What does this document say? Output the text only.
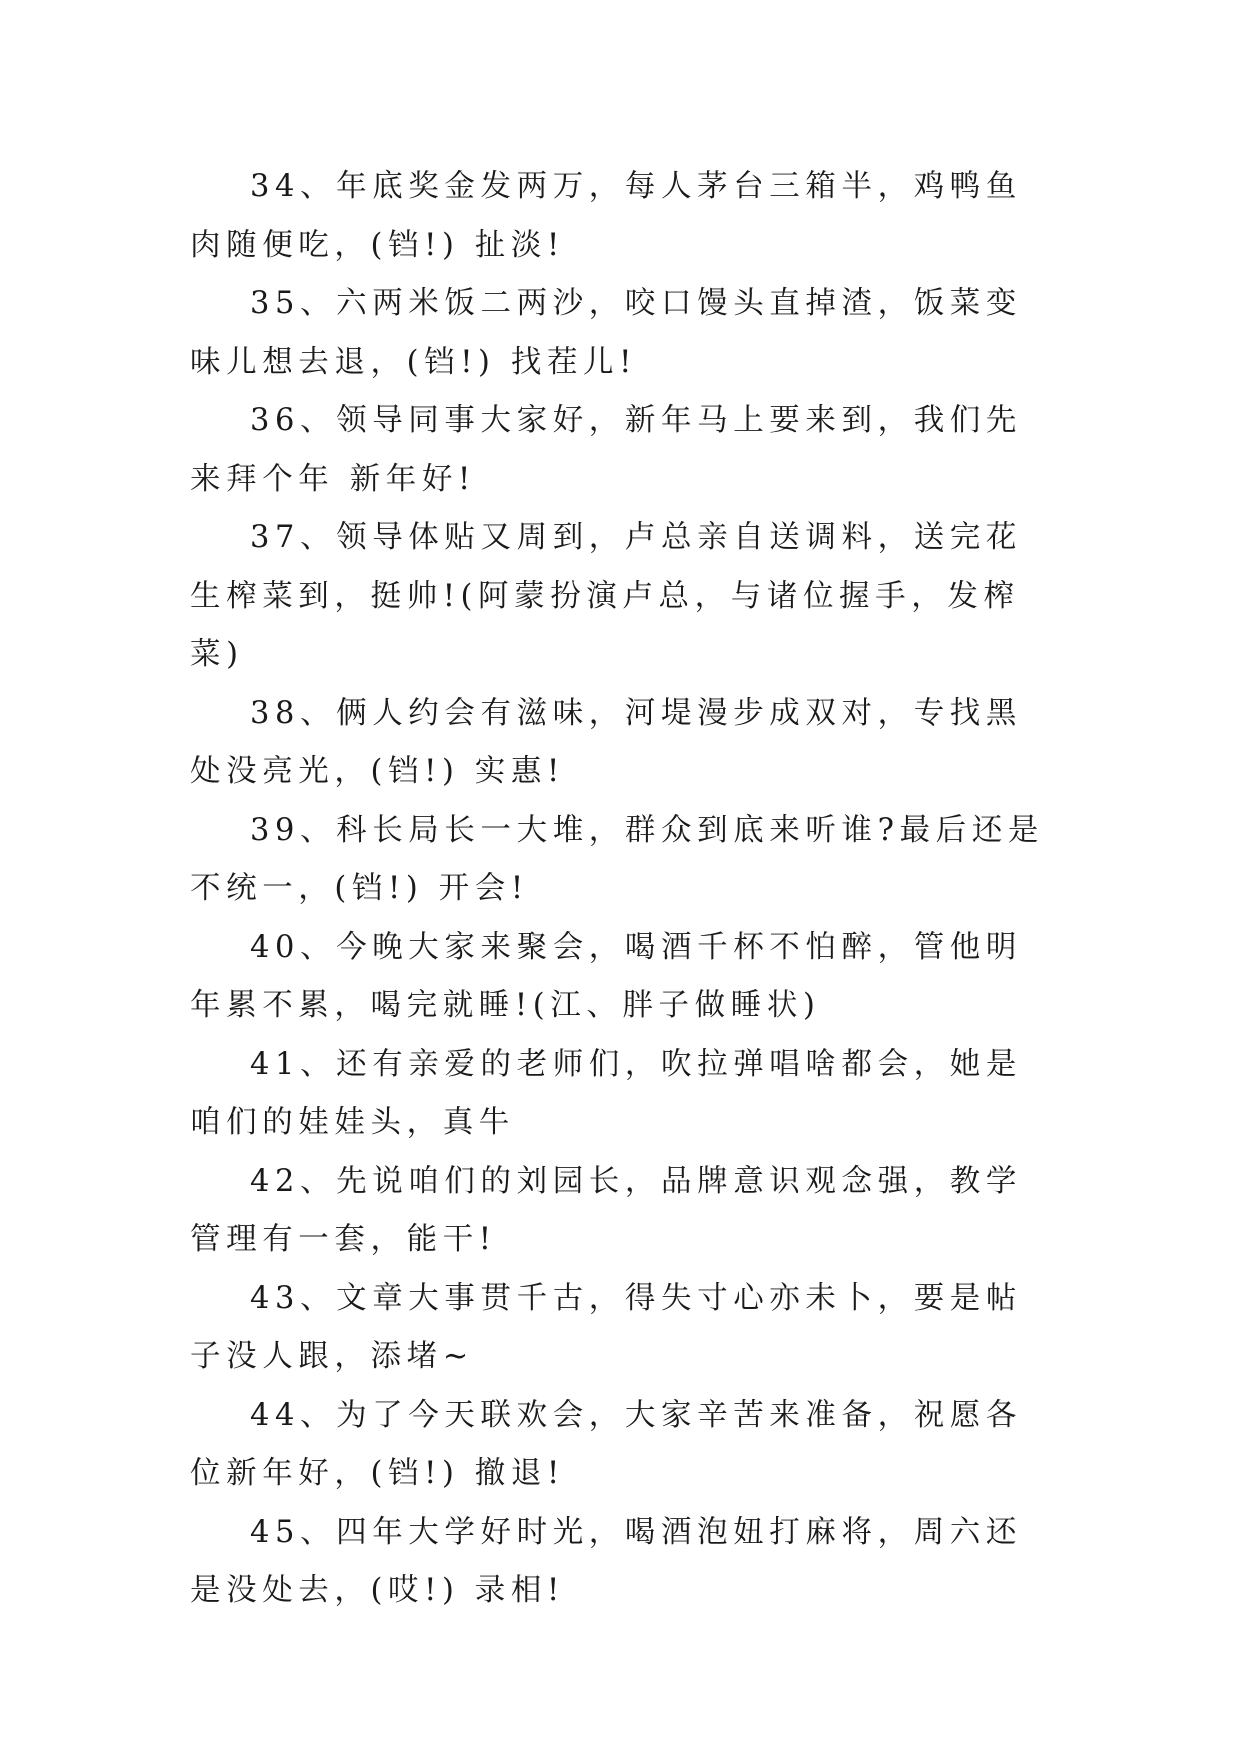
34、年底奖金发两万，每人茅台三箱半，鸡鸭鱼肉随便吃，(铛!) 扯淡!

35、六两米饭二两沙，咬口馒头直掉渣，饭菜变味儿想去退，(铛!) 找茬儿!

36、领导同事大家好，新年马上要来到，我们先来拜个年 新年好!

37、领导体贴又周到，卢总亲自送调料，送完花生榨菜到，挺帅!(阿蒙扮演卢总，与诸位握手，发榨菜)

38、俩人约会有滋味，河堤漫步成双对，专找黑处没亮光，(铛!) 实惠!

39、科长局长一大堆，群众到底来听谁?最后还是不统一，(铛!) 开会!

40、今晚大家来聚会，喝酒千杯不怕醉，管他明年累不累，喝完就睡!(江、胖子做睡状)

41、还有亲爱的老师们，吹拉弹唱啥都会，她是咱们的娃娃头，真牛

42、先说咱们的刘园长，品牌意识观念强，教学管理有一套，能干!

43、文章大事贯千古，得失寸心亦未卜，要是帖子没人跟，添堵~

44、为了今天联欢会，大家辛苦来准备，祝愿各位新年好，(铛!) 撤退!

45、四年大学好时光，喝酒泡妞打麻将，周六还是没处去，(哎!) 录相!
